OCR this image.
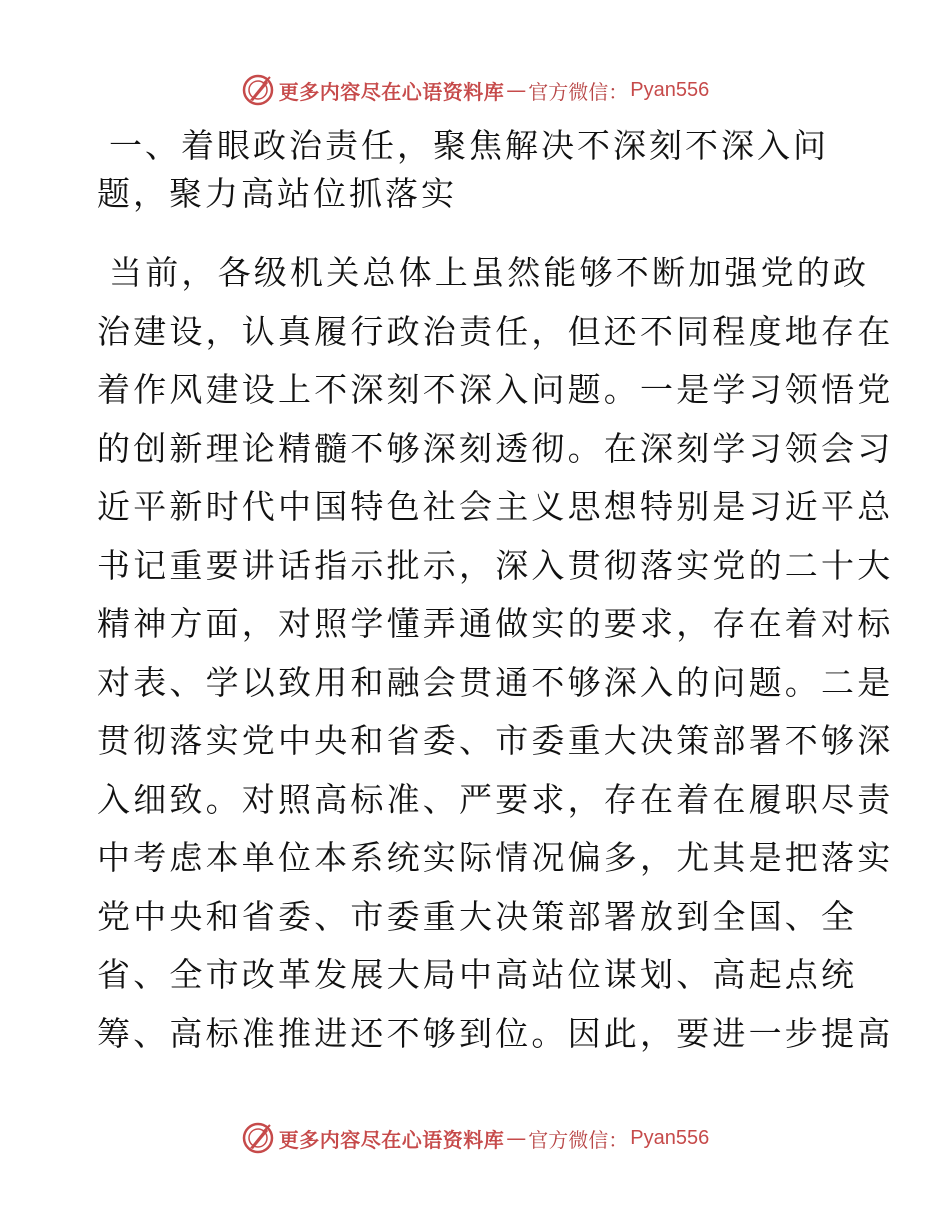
更多内容尽在心语资料库 — 官方微信： Pyan556
一、着眼政治责任，聚焦解决不深刻不深入问
题，聚力高站位抓落实
当前，各级机关总体上虽然能够不断加强党的政
治建设，认真履行政治责任，但还不同程度地存在
着作风建设上不深刻不深入问题。一是学习领悟党
的创新理论精髓不够深刻透彻。在深刻学习领会习
近平新时代中国特色社会主义思想特别是习近平总
书记重要讲话指示批示，深入贯彻落实党的二十大
精神方面，对照学懂弄通做实的要求，存在着对标
对表、学以致用和融会贯通不够深入的问题。二是
贯彻落实党中央和省委、市委重大决策部署不够深
入细致。对照高标准、严要求，存在着在履职尽责
中考虑本单位本系统实际情况偏多，尤其是把落实
党中央和省委、市委重大决策部署放到全国、全
省、全市改革发展大局中高站位谋划、高起点统
筹、高标准推进还不够到位。因此，要进一步提高
更多内容尽在心语资料库 — 官方微信： Pyan556
